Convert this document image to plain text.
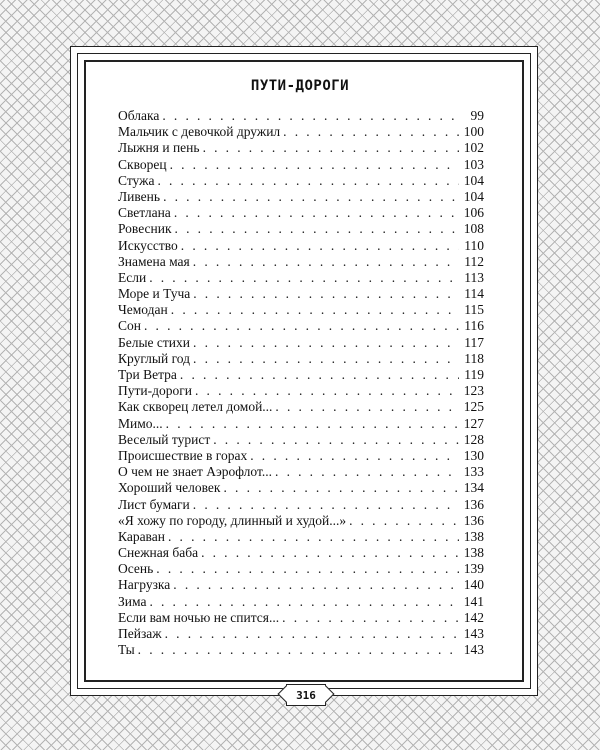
ПУТИ-ДОРОГИ
Облака . . .	99
Мальчик с девочкой дружил . . .	100
Лыжня и пень . . .	102
Скворец . . .	103
Стужа . . .	104
Ливень . . .	104
Светлана . . .	106
Ровесник . . .	108
Искусство . . .	110
Знамена мая . . .	112
Если . . .	113
Море и Туча . . .	114
Чемодан . . .	115
Сон . . .	116
Белые стихи . . .	117
Круглый год . . .	118
Три Ветра . . .	119
Пути-дороги . . .	123
Как скворец летел домой... . . .	125
Мимо... . . .	127
Веселый турист . . .	128
Происшествие в горах . . .	130
О чем не знает Аэрофлот... . . .	133
Хороший человек . . .	134
Лист бумаги . . .	136
«Я хожу по городу, длинный и худой...» . . .	136
Караван . . .	138
Снежная баба . . .	138
Осень . . .	139
Нагрузка . . .	140
Зима . . .	141
Если вам ночью не спится... . . .	142
Пейзаж . . .	143
Ты . . .	143
316
